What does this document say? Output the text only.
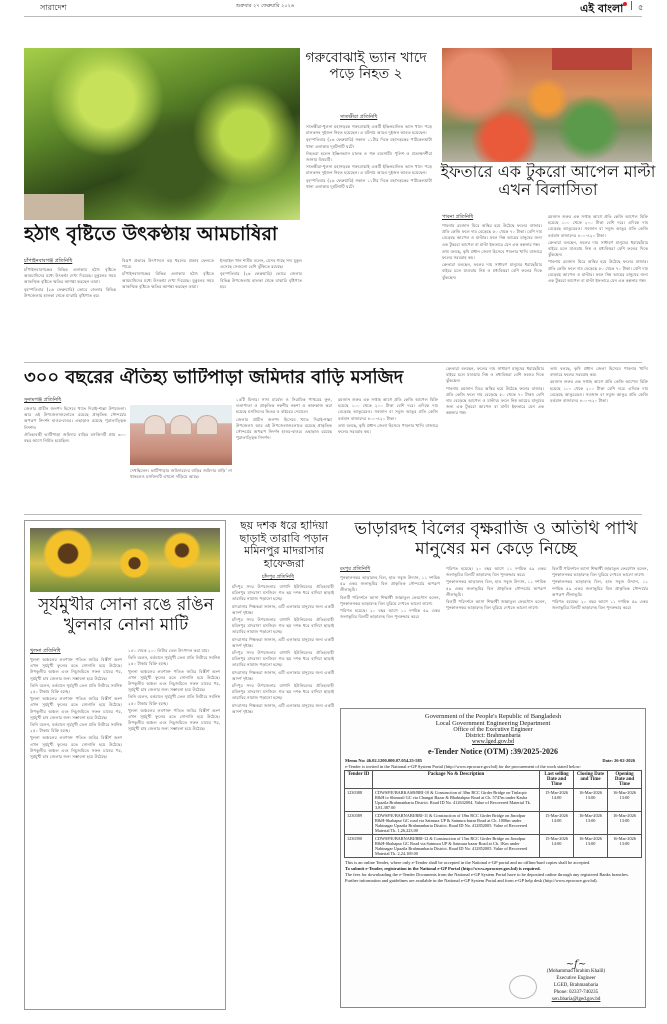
সারাদেশ	শুক্রবার ২৭ ফেব্রুয়ারি ২০২৬	এই বাংলা | ৫
হঠাৎ বৃষ্টিতে উৎকণ্ঠায় আমচাষিরা
চাঁপাইনবাবগঞ্জ প্রতিনিধি

চাঁপাইনবাবগঞ্জের বিভিন্ন এলাকায় হঠাৎ বৃষ্টিতে আমচাষিদের মধ্যে উৎকণ্ঠা দেখা দিয়েছে। মুকুলের সময় আকস্মিক বৃষ্টিতে ক্ষতির আশঙ্কা করছেন তারা।

বৃহস্পতিবার (২৬ ফেব্রুয়ারি) ভোরে জেলার বিভিন্ন উপজেলায় হালকা থেকে মাঝারি বৃষ্টিপাত হয়।

বিরূপ প্রভাবে উৎপাদনে বড় ধরনের প্রভাব ফেলতে পারে।

চাঁপাইনবাবগঞ্জের বিভিন্ন এলাকায় হঠাৎ বৃষ্টিতে আমচাষিদের মধ্যে উৎকণ্ঠা দেখা দিয়েছে। মুকুলের সময় আকস্মিক বৃষ্টিতে ক্ষতির আশঙ্কা করছেন তারা।

ইসমাইল খান শামীম বলেন, যেসব গাছে সদ্য মুকুল এসেছে সেগুলো বেশি ঝুঁকিতে রয়েছে।

বৃহস্পতিবার (২৬ ফেব্রুয়ারি) ভোরে জেলার বিভিন্ন উপজেলায় হালকা থেকে মাঝারি বৃষ্টিপাত হয়।

গরুবোঝাই ভ্যান খাদে পড়ে নিহত ২
সাতক্ষীরা প্রতিনিধি

সাতক্ষীরা-খুলনা মহাসড়কে গরুবোঝাই একটি ইঞ্জিনচালিত ভ্যান খাদে পড়ে চালকসহ দুইজন নিহত হয়েছেন। এ ঘটনায় আরও দুইজন আহত হয়েছেন।

বৃহস্পতিবার (২৬ ফেব্রুয়ারি) সকাল ১১টার দিকে মহাসড়কের পাটকেলঘাটা থানা এলাকায় দুর্ঘটনাটি ঘটে।

নিহতরা হলেন ইঞ্জিনভ্যান চালক ও গরু ব্যবসায়ী। পুলিশ ও প্রত্যক্ষদর্শীরা জানায় বিষয়টি।

সাতক্ষীরা-খুলনা মহাসড়কে গরুবোঝাই একটি ইঞ্জিনচালিত ভ্যান খাদে পড়ে চালকসহ দুইজন নিহত হয়েছেন। এ ঘটনায় আরও দুইজন আহত হয়েছেন।

বৃহস্পতিবার (২৬ ফেব্রুয়ারি) সকাল ১১টার দিকে মহাসড়কের পাটকেলঘাটা থানা এলাকায় দুর্ঘটনাটি ঘটে।

ইফতারে এক টুকরো আপেল মাল্টা এখন বিলাসিতা
পাবনা প্রতিনিধি

পাবনায় রমজান ঘিরে অস্থির হয়ে উঠেছে ফলের বাজার। প্রতি কেজি ফলে দাম বেড়েছে ৫০ থেকে ৭০ টাকা। বেশি দাম বেড়েছে আপেল ও মাল্টার। ফলে নিম্ন আয়ের মানুষের জন্য এক টুকরো আপেল বা মাল্টা ইফতারে যেন এক কল্পনার গল্প।

তথ্য বলছে, কৃষি প্রধান জেলা হিসেবে পাবনার খাদ্যি বাজারে ফলের সরবরাহ কম।

ক্রেতারা বলছেন, ফলের দাম সাধারণ মানুষের ধরাছোঁয়ার বাইরে চলে যাওয়ায় নিম্ন ও মধ্যবিত্তরা বেশি ফলের দিকে ঝুঁকছেন।

রমজান শুরুর এক সপ্তাহ আগে প্রতি কেজি আপেল বিক্রি হয়েছে ১০০ থেকে ২০০ টাকা বেশি দরে। এদিকে দাম বেড়েছে আঙুরেরও। সবজান বা সবুজ আঙুর প্রতি কেজি বর্তমান বাজারদর ৪০০-৪২০ টাকা।

ক্রেতারা বলছেন, ফলের দাম সাধারণ মানুষের ধরাছোঁয়ার বাইরে চলে যাওয়ায় নিম্ন ও মধ্যবিত্তরা বেশি ফলের দিকে ঝুঁকছেন।

পাবনায় রমজান ঘিরে অস্থির হয়ে উঠেছে ফলের বাজার। প্রতি কেজি ফলে দাম বেড়েছে ৫০ থেকে ৭০ টাকা। বেশি দাম বেড়েছে আপেল ও মাল্টার। ফলে নিম্ন আয়ের মানুষের জন্য এক টুকরো আপেল বা মাল্টা ইফতারে যেন এক কল্পনার গল্প।

৩০০ বছরের ঐতিহ্য ভাটিপাড়া জমিদার বাড়ি মসজিদ
সুনামগঞ্জ প্রতিনিধি

জেলার প্রাচীন জনপদ হিসেবে খ্যাত দিরাই-শাল্লা উপজেলা। আর এই উপজেলাগুলোতে রয়েছে প্রাকৃতিক সৌন্দর্যের অপরূপ নিদর্শন হাওর-বাওর। এছাড়াও রয়েছে পুরাতাত্ত্বিক নিদর্শন।

ঐতিহ্যবাহী ভাটিপাড়া জমিদার বাড়ির মসজিদটি প্রায় ৩০০ বছর আগে নির্মিত হয়েছিল।

দেখছিলেন। ভাটিপাড়ার জমিদারদের বাড়ির জমিদার বাড়ি’ না থাকলেও মসজিদটি এখনো দাঁড়িয়ে আছে।

১৫টি মিনার। সাদা মার্বেল ও সিরামিক পাথরের ফুল, লতাপাতা ও প্রাকৃতিক নকশীর নকশা ও কারুকাজ করা হয়েছে মসজিদের ভিতর ও বাইরের দেয়ালে।

জেলার প্রাচীন জনপদ হিসেবে খ্যাত দিরাই-শাল্লা উপজেলা। আর এই উপজেলাগুলোতে রয়েছে প্রাকৃতিক সৌন্দর্যের অপরূপ নিদর্শন হাওর-বাওর। এছাড়াও রয়েছে পুরাতাত্ত্বিক নিদর্শন।

রমজান শুরুর এক সপ্তাহ আগে প্রতি কেজি আপেল বিক্রি হয়েছে ১০০ থেকে ২০০ টাকা বেশি দরে। এদিকে দাম বেড়েছে আঙুরেরও। সবজান বা সবুজ আঙুর প্রতি কেজি বর্তমান বাজারদর ৪০০-৪২০ টাকা।

তথ্য বলছে, কৃষি প্রধান জেলা হিসেবে পাবনার খাদ্যি বাজারে ফলের সরবরাহ কম।

ক্রেতারা বলছেন, ফলের দাম সাধারণ মানুষের ধরাছোঁয়ার বাইরে চলে যাওয়ায় নিম্ন ও মধ্যবিত্তরা বেশি ফলের দিকে ঝুঁকছেন।

পাবনায় রমজান ঘিরে অস্থির হয়ে উঠেছে ফলের বাজার। প্রতি কেজি ফলে দাম বেড়েছে ৫০ থেকে ৭০ টাকা। বেশি দাম বেড়েছে আপেল ও মাল্টার। ফলে নিম্ন আয়ের মানুষের জন্য এক টুকরো আপেল বা মাল্টা ইফতারে যেন এক কল্পনার গল্প।

তথ্য বলছে, কৃষি প্রধান জেলা হিসেবে পাবনার খাদ্যি বাজারে ফলের সরবরাহ কম।

রমজান শুরুর এক সপ্তাহ আগে প্রতি কেজি আপেল বিক্রি হয়েছে ১০০ থেকে ২০০ টাকা বেশি দরে। এদিকে দাম বেড়েছে আঙুরেরও। সবজান বা সবুজ আঙুর প্রতি কেজি বর্তমান বাজারদর ৪০০-৪২০ টাকা।

সূর্যমুখীর সোনা রঙে রঙিন খুলনার নোনা মাটি
খুলনা প্রতিনিধি

খুলনা অঞ্চলের লবণাক্ত পতিত জমির বিস্তীর্ণ অংশ এখন সূর্যমুখী ফুলের রঙে সোনালি হয়ে উঠেছে। উপকূলীয় অঞ্চল এবং নিচুজমিতে সফল চাষের পর, সূর্যমুখী চাষ জেলার জন্য সম্ভাবনা হয়ে উঠেছে।

তিনি বলেন, বর্তমানে সূর্যমুখী তেল প্রতি লিটারে সর্বনিম্ন ২৫০ টাকায় বিক্রি হচ্ছে।

খুলনা অঞ্চলের লবণাক্ত পতিত জমির বিস্তীর্ণ অংশ এখন সূর্যমুখী ফুলের রঙে সোনালি হয়ে উঠেছে। উপকূলীয় অঞ্চল এবং নিচুজমিতে সফল চাষের পর, সূর্যমুখী চাষ জেলার জন্য সম্ভাবনা হয়ে উঠেছে।

তিনি বলেন, বর্তমানে সূর্যমুখী তেল প্রতি লিটারে সর্বনিম্ন ২৫০ টাকায় বিক্রি হচ্ছে।

খুলনা অঞ্চলের লবণাক্ত পতিত জমির বিস্তীর্ণ অংশ এখন সূর্যমুখী ফুলের রঙে সোনালি হয়ে উঠেছে। উপকূলীয় অঞ্চল এবং নিচুজমিতে সফল চাষের পর, সূর্যমুখী চাষ জেলার জন্য সম্ভাবনা হয়ে উঠেছে।

১৪০ থেকে ২০০ লিটার তেল উৎপাদন করা যায়।

তিনি বলেন, বর্তমানে সূর্যমুখী তেল প্রতি লিটারে সর্বনিম্ন ২৫০ টাকায় বিক্রি হচ্ছে।

খুলনা অঞ্চলের লবণাক্ত পতিত জমির বিস্তীর্ণ অংশ এখন সূর্যমুখী ফুলের রঙে সোনালি হয়ে উঠেছে। উপকূলীয় অঞ্চল এবং নিচুজমিতে সফল চাষের পর, সূর্যমুখী চাষ জেলার জন্য সম্ভাবনা হয়ে উঠেছে।

তিনি বলেন, বর্তমানে সূর্যমুখী তেল প্রতি লিটারে সর্বনিম্ন ২৫০ টাকায় বিক্রি হচ্ছে।

খুলনা অঞ্চলের লবণাক্ত পতিত জমির বিস্তীর্ণ অংশ এখন সূর্যমুখী ফুলের রঙে সোনালি হয়ে উঠেছে। উপকূলীয় অঞ্চল এবং নিচুজমিতে সফল চাষের পর, সূর্যমুখী চাষ জেলার জন্য সম্ভাবনা হয়ে উঠেছে।

ছয় দশক ধরে হাদিয়া ছাড়াই তারাবি পড়ান মমিনপুর মাদরাসার হাফেজরা
চাঁদপুর প্রতিনিধি

চাঁদপুর সদর উপজেলার বাগাদি ইউনিয়নের ঐতিহ্যবাহী মমিনপুর মাদরাসা মসজিদে গত ছয় দশক ধরে হাদিয়া ছাড়াই তারাবির নামাজ পড়ানো হচ্ছে।

মাদরাসার শিক্ষকরা জানান, এটি এলাকার মানুষের জন্য একটি আদর্শ দৃষ্টান্ত।

চাঁদপুর সদর উপজেলার বাগাদি ইউনিয়নের ঐতিহ্যবাহী মমিনপুর মাদরাসা মসজিদে গত ছয় দশক ধরে হাদিয়া ছাড়াই তারাবির নামাজ পড়ানো হচ্ছে।

মাদরাসার শিক্ষকরা জানান, এটি এলাকার মানুষের জন্য একটি আদর্শ দৃষ্টান্ত।

চাঁদপুর সদর উপজেলার বাগাদি ইউনিয়নের ঐতিহ্যবাহী মমিনপুর মাদরাসা মসজিদে গত ছয় দশক ধরে হাদিয়া ছাড়াই তারাবির নামাজ পড়ানো হচ্ছে।

মাদরাসার শিক্ষকরা জানান, এটি এলাকার মানুষের জন্য একটি আদর্শ দৃষ্টান্ত।

চাঁদপুর সদর উপজেলার বাগাদি ইউনিয়নের ঐতিহ্যবাহী মমিনপুর মাদরাসা মসজিদে গত ছয় দশক ধরে হাদিয়া ছাড়াই তারাবির নামাজ পড়ানো হচ্ছে।

মাদরাসার শিক্ষকরা জানান, এটি এলাকার মানুষের জন্য একটি আদর্শ দৃষ্টান্ত।

ভাড়ারদহ বিলের বৃক্ষরাজি ও অতিথি পাখি মানুষের মন কেড়ে নিচ্ছে
রংপুর প্রতিনিধি

পুনকালনকর ভাড়ারদহ বিল, হাত সবুজ উদ্যান, ১১ দশমিক ৫৯ একর জলাভূমির বিল প্রাকৃতিক সৌন্দর্যের অপরূপ লীলাভূমি।

বিলটি পরিদর্শনে আসা শিক্ষার্থী জান্নাতুল ফেরদৌস বলেন, পুনকালনকর ভাড়ারদহ বিল ঘুরিয়ে দেখতে ভালো লাগে।

পরিণত হয়েছে। ২০ বছর আগে ১১ দশমিক ৫৯ একর জলাভূমির বিলটি ভাড়ারদহ বিল পুনরুদ্ধার করে।

পরিণত হয়েছে। ২০ বছর আগে ১১ দশমিক ৫৯ একর জলাভূমির বিলটি ভাড়ারদহ বিল পুনরুদ্ধার করে।

পুনকালনকর ভাড়ারদহ বিল, হাত সবুজ উদ্যান, ১১ দশমিক ৫৯ একর জলাভূমির বিল প্রাকৃতিক সৌন্দর্যের অপরূপ লীলাভূমি।

বিলটি পরিদর্শনে আসা শিক্ষার্থী জান্নাতুল ফেরদৌস বলেন, পুনকালনকর ভাড়ারদহ বিল ঘুরিয়ে দেখতে ভালো লাগে।

বিলটি পরিদর্শনে আসা শিক্ষার্থী জান্নাতুল ফেরদৌস বলেন, পুনকালনকর ভাড়ারদহ বিল ঘুরিয়ে দেখতে ভালো লাগে।

পুনকালনকর ভাড়ারদহ বিল, হাত সবুজ উদ্যান, ১১ দশমিক ৫৯ একর জলাভূমির বিল প্রাকৃতিক সৌন্দর্যের অপরূপ লীলাভূমি।

পরিণত হয়েছে। ২০ বছর আগে ১১ দশমিক ৫৯ একর জলাভূমির বিলটি ভাড়ারদহ বিল পুনরুদ্ধার করে।

Government of the People's Republic of Bangladesh
Local Government Engineering Department
Office of the Executive Engineer
District: Brahmanbaria
www.lged.gov.bd
e-Tender Notice (OTM) :39/2025-2026
Memo No: 46.02.1200.000.07.054.25-585	Date: 26-02-2026
e-Tender is invited in the National e-GP System Portal (http://www.eprocure.gov.bd) for the procurement of the work stated below:
Tender ID	Package No & Description	Last selling Date and Time	Closing Date and Time	Opening Date and Time
1230388	CDWSP/E/BARKASB/BRI-10 & Construction of 30m RCC Girder Bridge on Tinlacpir R&H to Shimrail GC via Changai Bazar & Bhabiabpur Road at Ch. 5747m under Kasba Upazila Brahmanbaria District. Road ID No. 412632004. Value of Recovered Material Tk. 3,81,387.00	15-Mar-2026 14:00	16-Mar-2026 13:00	16-Mar-2026 13:00
1230389	CDWSP/E/BARNABI/BRI-11 & Construction of 18m RCC Girder Bridge on Jinodpur R&H-Shahapur GC road via Satmura UP & Satmura bazar Road at Ch. 1000m under Nabinagar Upazila Brahmanbaria District. Road ID No. 412852005. Value of Recovered Material Tk. 1,26,223.00	15-Mar-2026 14:00	16-Mar-2026 13:00	16-Mar-2026 13:00
1230390	CDWSP/E/BARNABI/BRI-12 & Construction of 15m RCC Girder Bridge on Jinodpur R&H-Shahapur GC Road via Satmura UP & Satmura bazar Road at Ch. 1Km under Nabinagar Upazila Brahmanbaria District. Road ID No. 412852005. Value of Recovered Material Tk. 2,24,169.00	15-Mar-2026 14:00	16-Mar-2026 13:00	16-Mar-2026 13:00
This is an online Tender, where only e-Tender shall be accepted in the National e-GP portal and no offline/hard copies shall be accepted.
To submit e-Tender, registration in the National e-GP Portal (http://www.eprocure.gov.bd) is required.
The fees for downloading the e-Tender Documents from the National e-GP System Portal have to be deposited online through any registered Banks branches.
Further information and guidelines are available in the National e-GP System Portal and from e-GP help desk (http://www.eprocure.gov.bd).
~ƒ~
(Mohammad Ibrahim Khalil)
Executive Engineer
LGED, Brahmanbaria
Phone: 02337-740235
xen.bbaria@lged.gov.bd
